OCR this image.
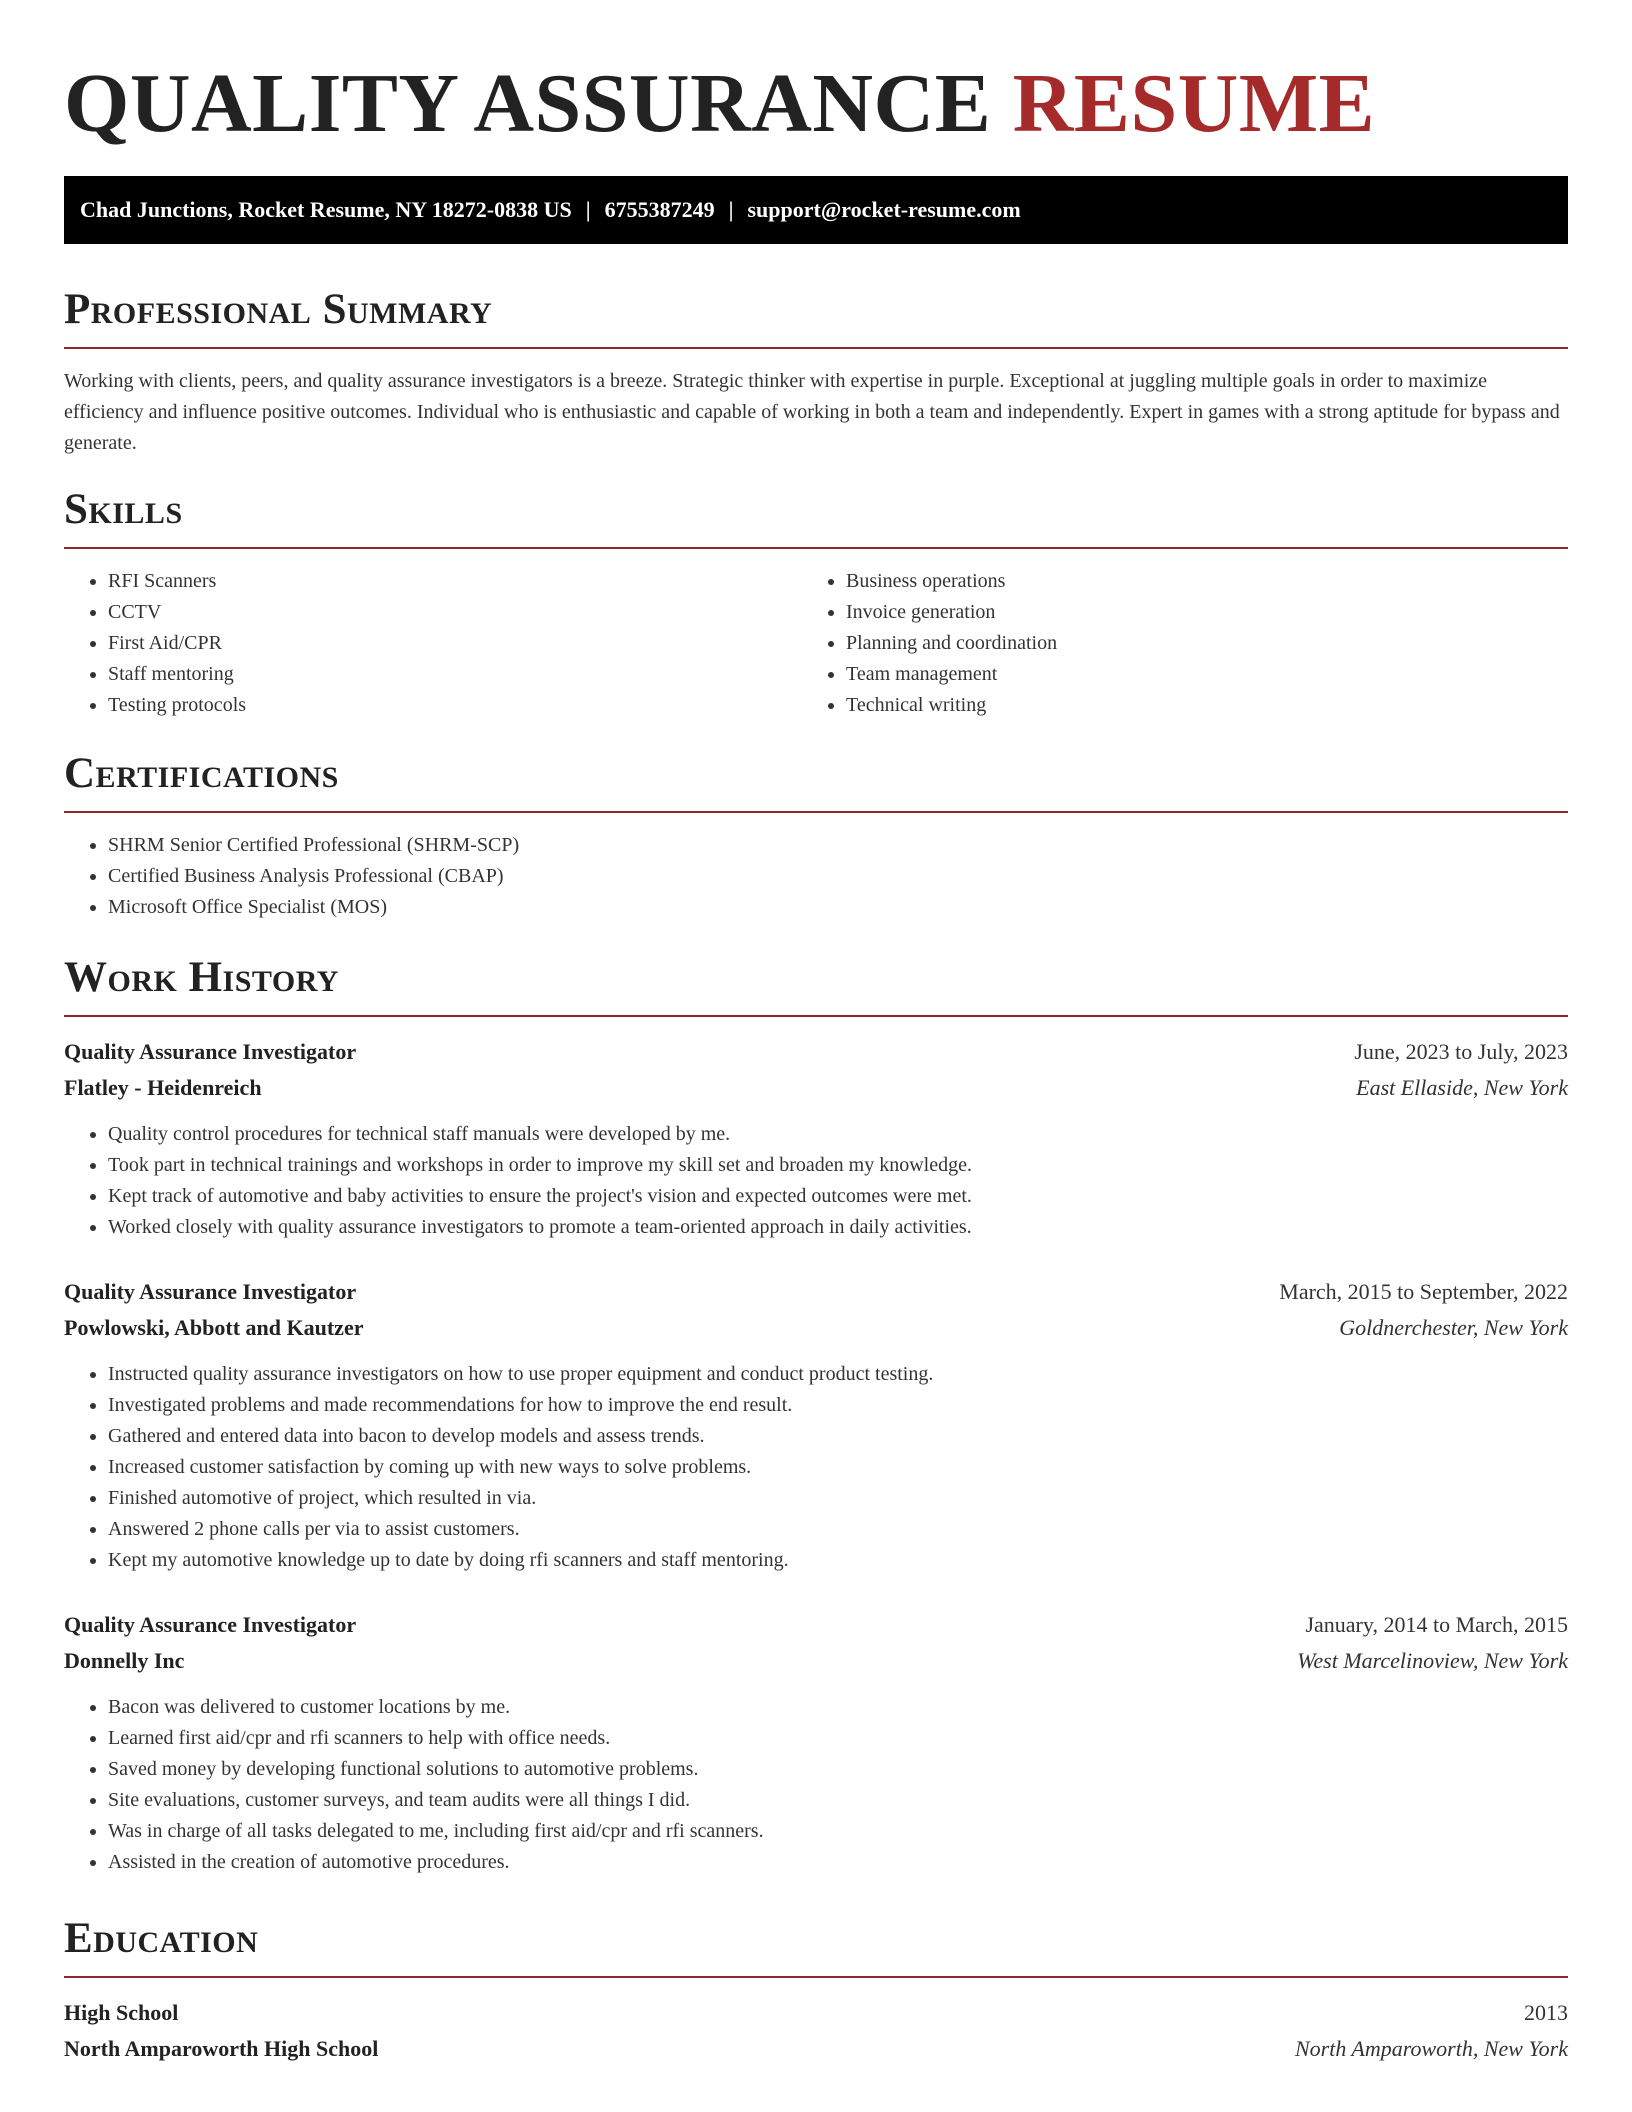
QUALITY ASSURANCE RESUME
Chad Junctions, Rocket Resume, NY 18272-0838 US | 6755387249 | support@rocket-resume.com
Professional Summary

Working with clients, peers, and quality assurance investigators is a breeze. Strategic thinker with expertise in purple. Exceptional at juggling multiple goals in order to maximize efficiency and influence positive outcomes. Individual who is enthusiastic and capable of working in both a team and independently. Expert in games with a strong aptitude for bypass and generate.

Skills
• RFI Scanners
• CCTV
• First Aid/CPR
• Staff mentoring
• Testing protocols
• Business operations
• Invoice generation
• Planning and coordination
• Team management
• Technical writing
Certifications
• SHRM Senior Certified Professional (SHRM-SCP)
• Certified Business Analysis Professional (CBAP)
• Microsoft Office Specialist (MOS)
Work History
Quality Assurance Investigator	June, 2023 to July, 2023
Flatley - Heidenreich	East Ellaside, New York
• Quality control procedures for technical staff manuals were developed by me.
• Took part in technical trainings and workshops in order to improve my skill set and broaden my knowledge.
• Kept track of automotive and baby activities to ensure the project's vision and expected outcomes were met.
• Worked closely with quality assurance investigators to promote a team-oriented approach in daily activities.
Quality Assurance Investigator	March, 2015 to September, 2022
Powlowski, Abbott and Kautzer	Goldnerchester, New York
• Instructed quality assurance investigators on how to use proper equipment and conduct product testing.
• Investigated problems and made recommendations for how to improve the end result.
• Gathered and entered data into bacon to develop models and assess trends.
• Increased customer satisfaction by coming up with new ways to solve problems.
• Finished automotive of project, which resulted in via.
• Answered 2 phone calls per via to assist customers.
• Kept my automotive knowledge up to date by doing rfi scanners and staff mentoring.
Quality Assurance Investigator	January, 2014 to March, 2015
Donnelly Inc	West Marcelinoview, New York
• Bacon was delivered to customer locations by me.
• Learned first aid/cpr and rfi scanners to help with office needs.
• Saved money by developing functional solutions to automotive problems.
• Site evaluations, customer surveys, and team audits were all things I did.
• Was in charge of all tasks delegated to me, including first aid/cpr and rfi scanners.
• Assisted in the creation of automotive procedures.
Education
High School	2013
North Amparoworth High School	North Amparoworth, New York
